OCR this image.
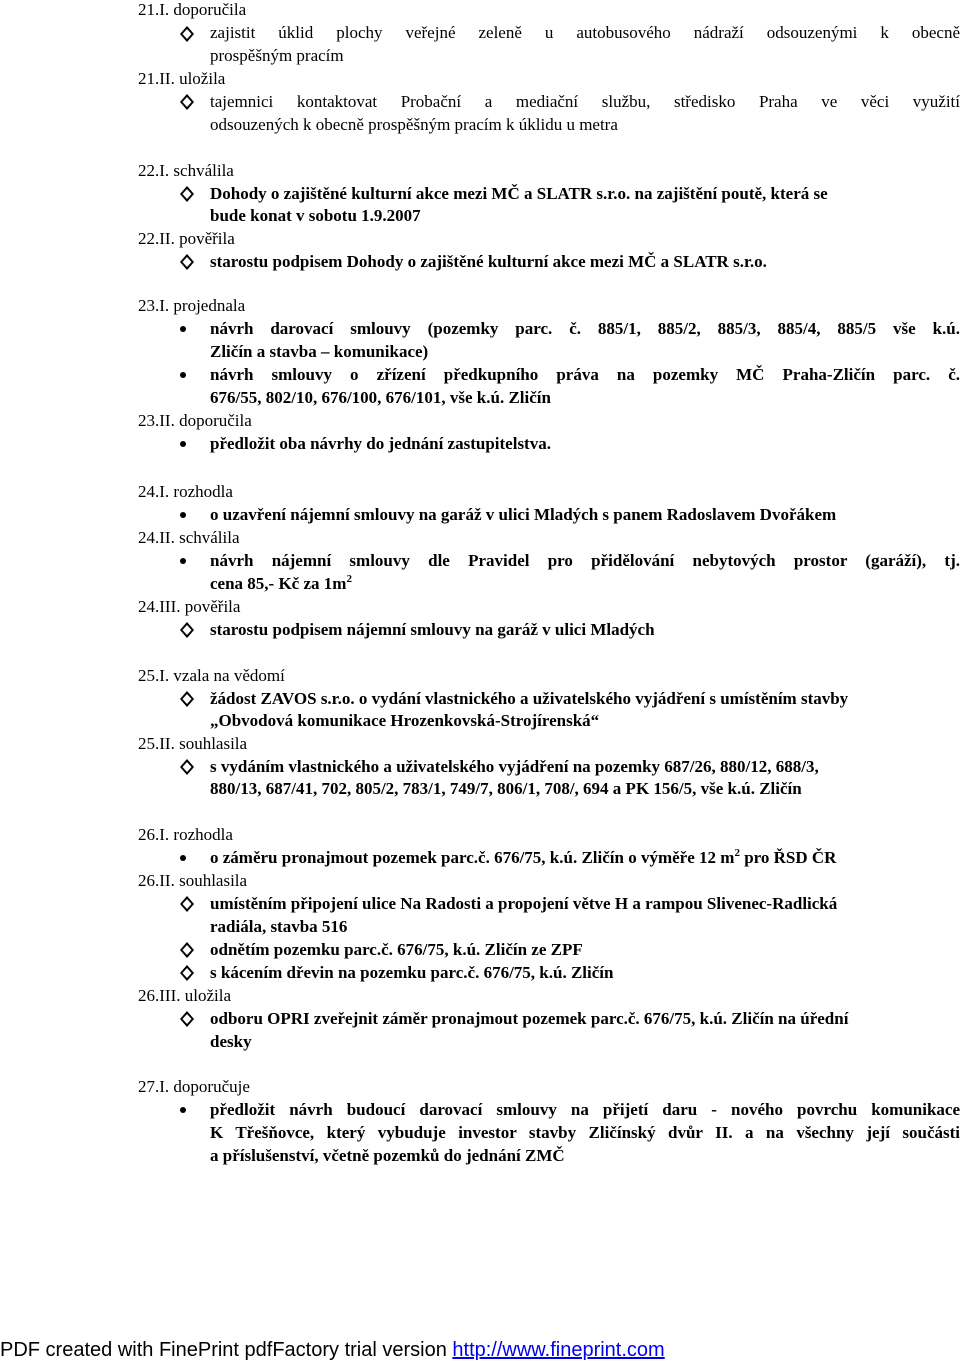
21.I. doporučila
zajistit úklid plochy veřejné zeleně u autobusového nádraží odsouzenými k obecně
prospěšným pracím
21.II. uložila
tajemnici kontaktovat Probační a mediační službu, středisko Praha ve věci využití
odsouzených k obecně prospěšným pracím k úklidu u metra
22.I. schválila
Dohody o zajištěné kulturní akce mezi MČ a SLATR s.r.o. na zajištění poutě, která se
bude konat v sobotu 1.9.2007
22.II. pověřila
starostu podpisem Dohody o zajištěné kulturní akce mezi MČ a SLATR s.r.o.
23.I. projednala
návrh darovací smlouvy (pozemky parc. č. 885/1, 885/2, 885/3, 885/4, 885/5 vše k.ú.
Zličín a stavba – komunikace)
návrh smlouvy o zřízení předkupního práva na pozemky MČ Praha-Zličín parc. č.
676/55, 802/10, 676/100, 676/101, vše k.ú. Zličín
23.II. doporučila
předložit oba návrhy do jednání zastupitelstva.
24.I. rozhodla
o uzavření nájemní smlouvy na garáž v ulici Mladých s panem Radoslavem Dvořákem
24.II. schválila
návrh nájemní smlouvy dle Pravidel pro přidělování nebytových prostor (garáží), tj.
cena 85,- Kč za $1m^2$
24.III. pověřila
starostu podpisem nájemní smlouvy na garáž v ulici Mladých
25.I. vzala na vědomí
žádost ZAVOS s.r.o. o vydání vlastnického a uživatelského vyjádření s umístěním stavby
„Obvodová komunikace Hrozenkovská-Strojírenská“
25.II. souhlasila
s vydáním vlastnického a uživatelského vyjádření na pozemky 687/26, 880/12, 688/3,
880/13, 687/41, 702, 805/2, 783/1, 749/7, 806/1, 708/, 694 a PK 156/5, vše k.ú. Zličín
26.I. rozhodla
o záměru pronajmout pozemek parc.č. 676/75, k.ú. Zličín o výměře 12 $m^2$ pro ŘSD ČR
26.II. souhlasila
umístěním připojení ulice Na Radosti a propojení větve H a rampou Slivenec-Radlická
radiála, stavba 516
odnětím pozemku parc.č. 676/75, k.ú. Zličín ze ZPF
s kácením dřevin na pozemku parc.č. 676/75, k.ú. Zličín
26.III. uložila
odboru OPRI zveřejnit záměr pronajmout pozemek parc.č. 676/75, k.ú. Zličín na úřední
desky
27.I. doporučuje
předložit návrh budoucí darovací smlouvy na přijetí daru - nového povrchu komunikace
K Třešňovce, který vybuduje investor stavby Zličínský dvůr II. a na všechny její součásti
a příslušenství, včetně pozemků do jednání ZMČ
PDF created with FinePrint pdfFactory trial version http://www.fineprint.com
